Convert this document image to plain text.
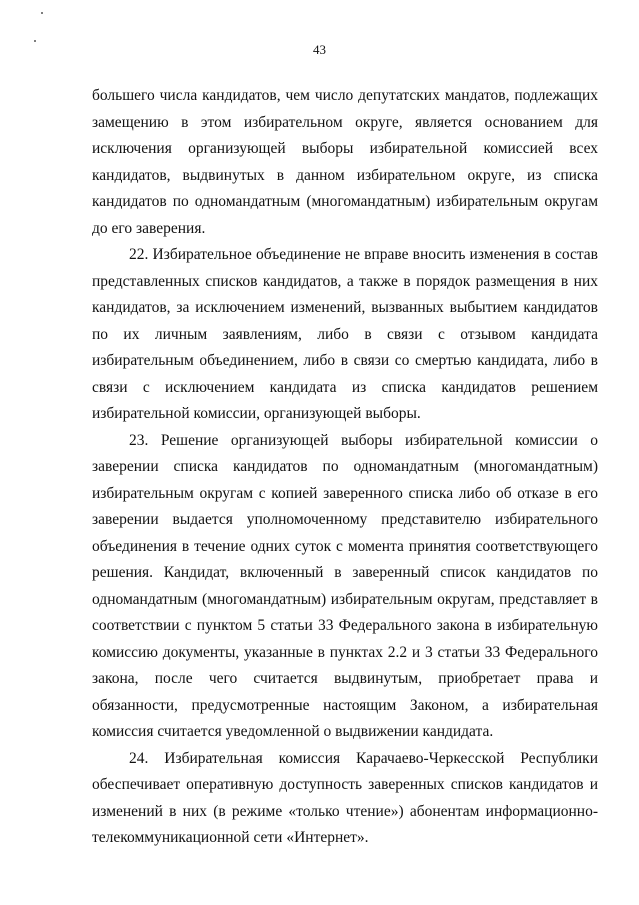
43

большего числа кандидатов, чем число депутатских мандатов, подлежащих замещению в этом избирательном округе, является основанием для исключения организующей выборы избирательной комиссией всех кандидатов, выдвинутых в данном избирательном округе, из списка кандидатов по одномандатным (многомандатным) избирательным округам до его заверения.

22. Избирательное объединение не вправе вносить изменения в состав представленных списков кандидатов, а также в порядок размещения в них кандидатов, за исключением изменений, вызванных выбытием кандидатов по их личным заявлениям, либо в связи с отзывом кандидата избирательным объединением, либо в связи со смертью кандидата, либо в связи с исключением кандидата из списка кандидатов решением избирательной комиссии, организующей выборы.

23. Решение организующей выборы избирательной комиссии о заверении списка кандидатов по одномандатным (многомандатным) избирательным округам с копией заверенного списка либо об отказе в его заверении выдается уполномоченному представителю избирательного объединения в течение одних суток с момента принятия соответствующего решения. Кандидат, включенный в заверенный список кандидатов по одномандатным (многомандатным) избирательным округам, представляет в соответствии с пунктом 5 статьи 33 Федерального закона в избирательную комиссию документы, указанные в пунктах 2.2 и 3 статьи 33 Федерального закона, после чего считается выдвинутым, приобретает права и обязанности, предусмотренные настоящим Законом, а избирательная комиссия считается уведомленной о выдвижении кандидата.

24. Избирательная комиссия Карачаево-Черкесской Республики обеспечивает оперативную доступность заверенных списков кандидатов и изменений в них (в режиме «только чтение») абонентам информационно-телекоммуникационной сети «Интернет».
